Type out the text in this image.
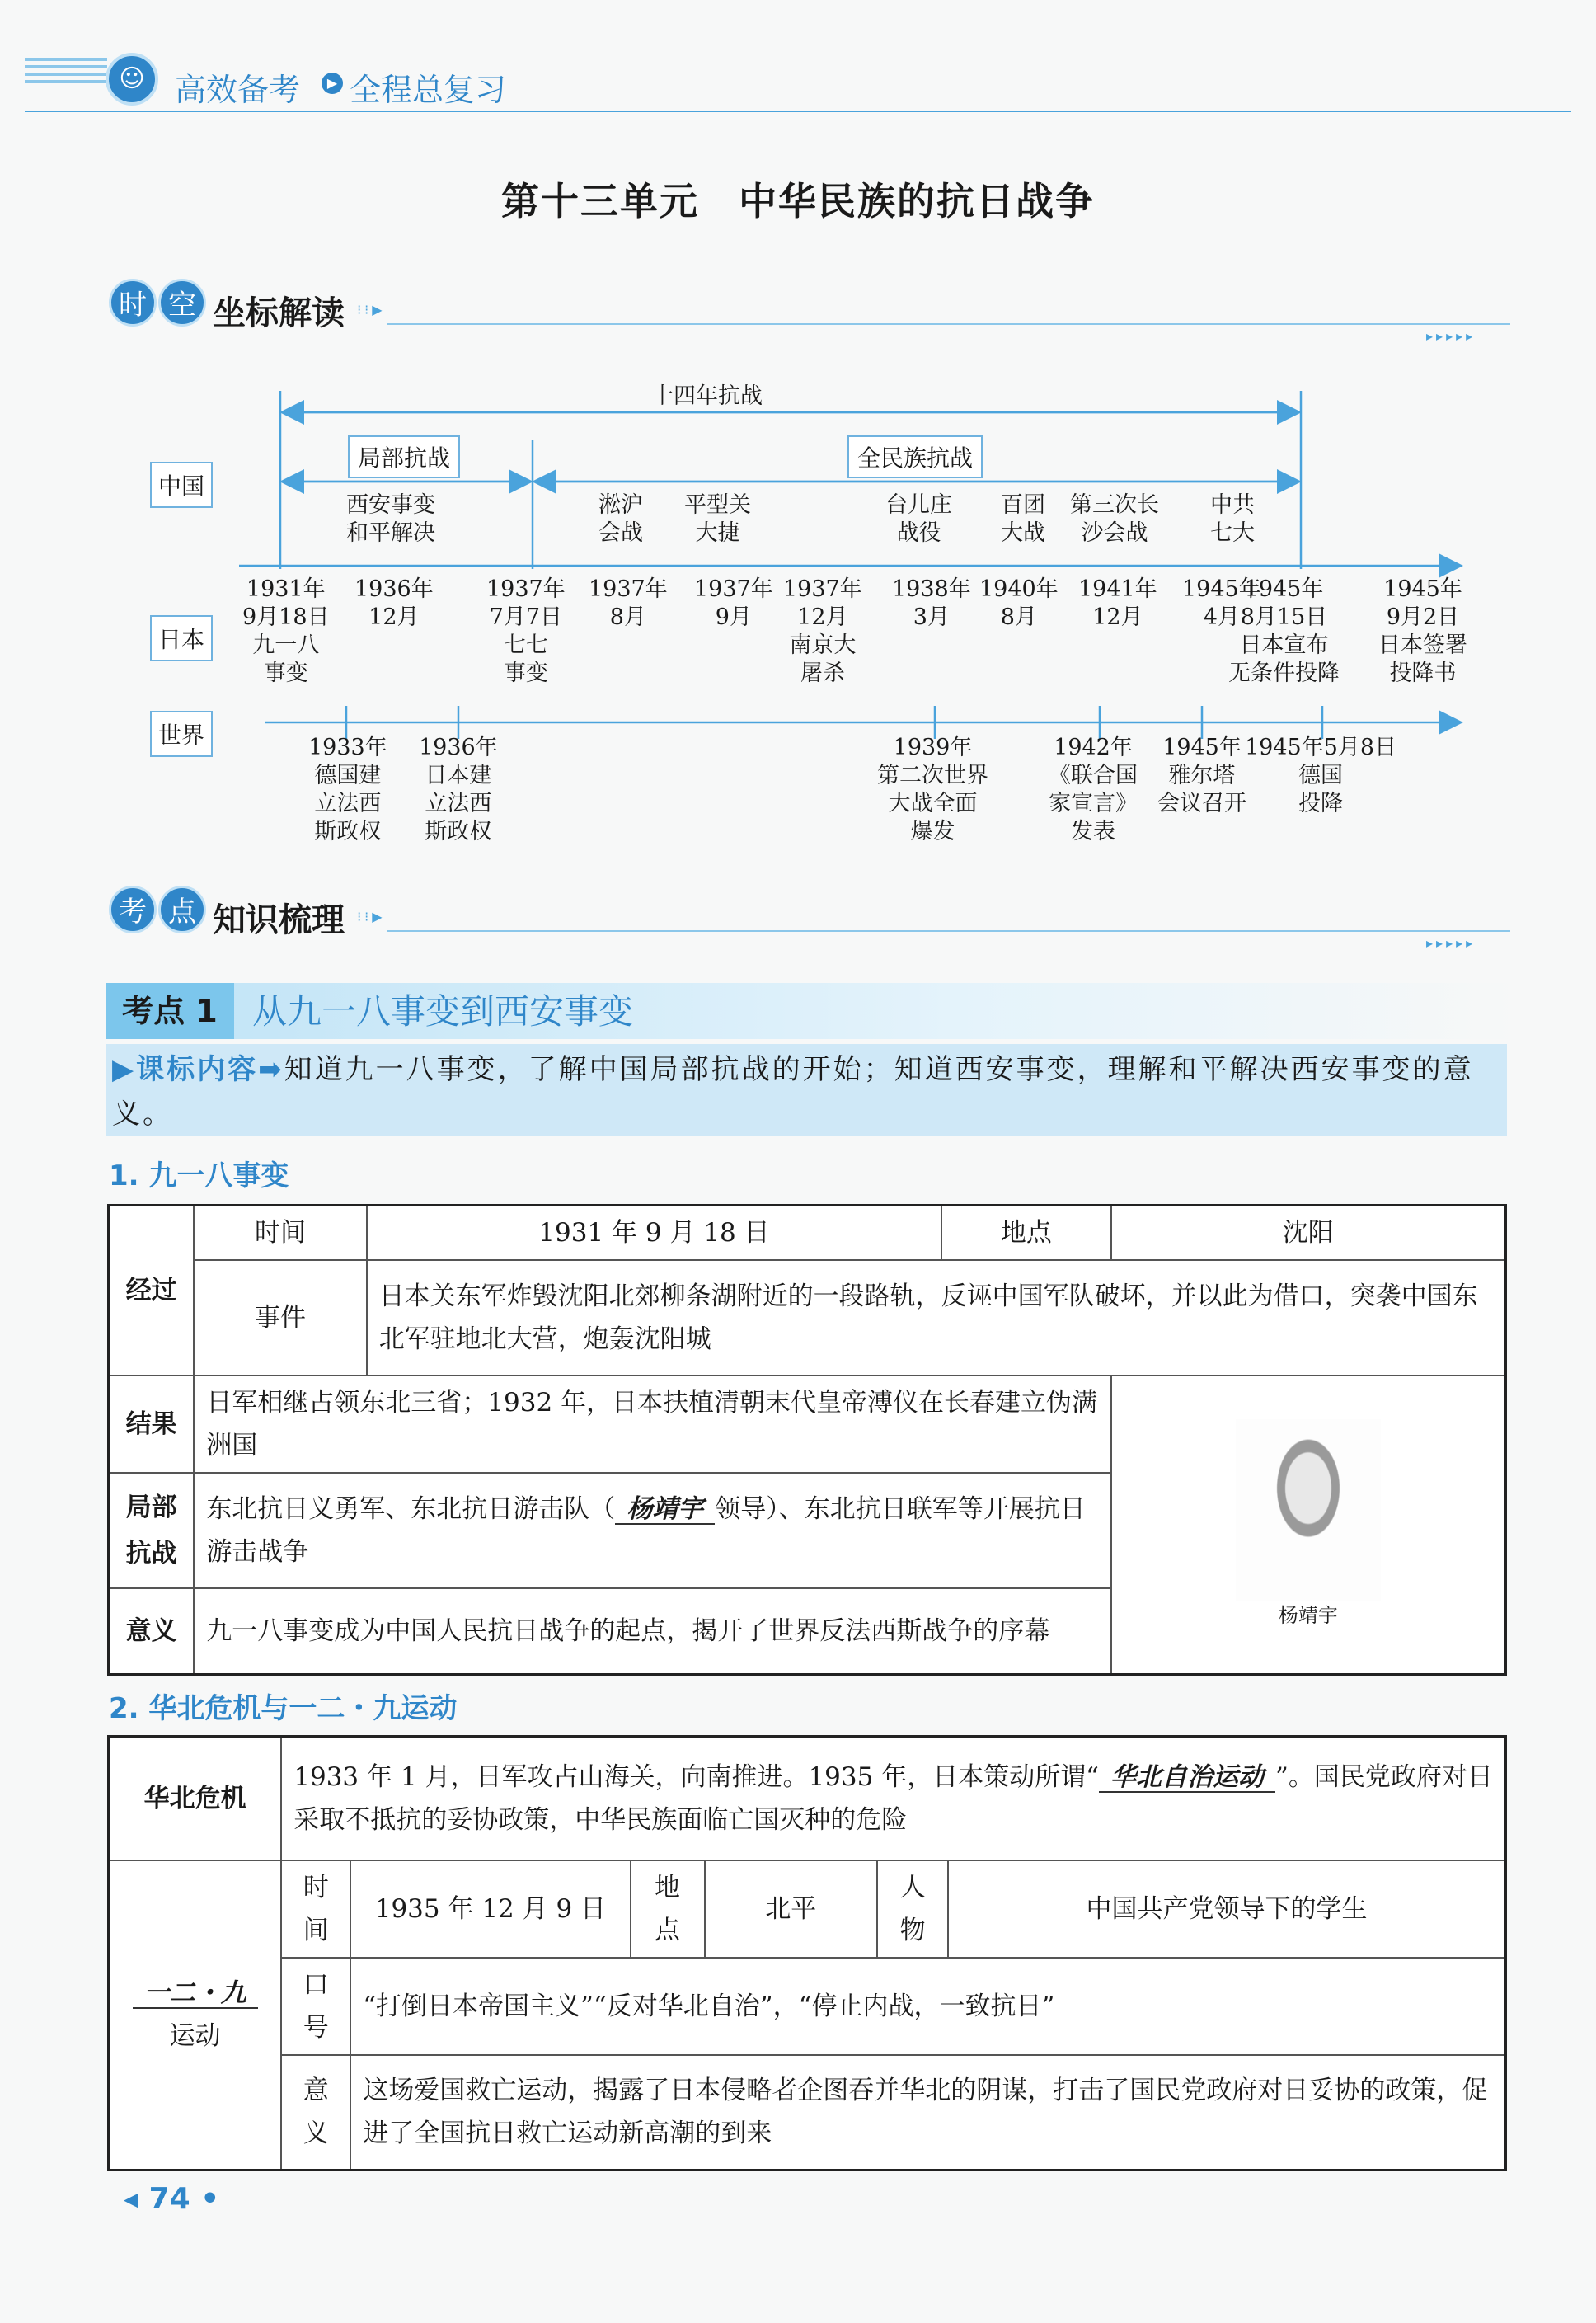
☺ 高效备考	▶ 全程总复习
第十三单元　中华民族的抗日战争
时 空 坐标解读 ⁝⁝▶
▸▸▸▸▸
十四年抗战
局部抗战	全民族抗战
中国
日本
世界
西安事变
和平解决
淞沪
会战
平型关
大捷
台儿庄
战役
百团
大战
第三次长
沙会战
中共
七大
1931年
9月18日
九一八
事变
1936年
12月
1937年
7月7日
七七
事变
1937年
8月
1937年
9月
1937年
12月
南京大
屠杀
1938年
3月
1940年
8月
1941年
12月
1945年
4月
1945年
8月15日
日本宣布
无条件投降
1945年
9月2日
日本签署
投降书
1933年
德国建
立法西
斯政权
1936年
日本建
立法西
斯政权
1939年
第二次世界
大战全面
爆发
1942年
《联合国
家宣言》
发表
1945年
雅尔塔
会议召开
1945年5月8日
德国
投降
考 点 知识梳理 ⁝⁝▶
▸▸▸▸▸
考点 1	从九一八事变到西安事变
▶课标内容➡知道九一八事变，了解中国局部抗战的开始；知道西安事变，理解和平解决西安事变的意义。
1. 九一八事变
经过	时间	1931 年 9 月 18 日	地点	沈阳
	事件	日本关东军炸毁沈阳北郊柳条湖附近的一段路轨，反诬中国军队破坏，并以此为借口，突袭中国东北军驻地北大营，炮轰沈阳城		
结果	日军相继占领东北三省；1932 年，日本扶植清朝末代皇帝溥仪在长春建立伪满洲国			杨靖宇

局部
抗战	东北抗日义勇军、东北抗日游击队（ 杨靖宇 领导）、东北抗日联军等开展抗日游击战争			
意义	九一八事变成为中国人民抗日战争的起点，揭开了世界反法西斯战争的序幕			
2. 华北危机与一二・九运动
华北危机	1933 年 1 月，日军攻占山海关，向南推进。1935 年，日本策动所谓“ 华北自治运动 ”。国民党政府对日采取不抵抗的妥协政策，中华民族面临亡国灭种的危险					
一二・九
运动	时间	1935 年 12 月 9 日	地点	北平	人物	中国共产党领导下的学生
	口号	“打倒日本帝国主义”“反对华北自治”，“停止内战，一致抗日”				
	意义	这场爱国救亡运动，揭露了日本侵略者企图吞并华北的阴谋，打击了国民党政府对日妥协的政策，促进了全国抗日救亡运动新高潮的到来				
◂ 74 •
